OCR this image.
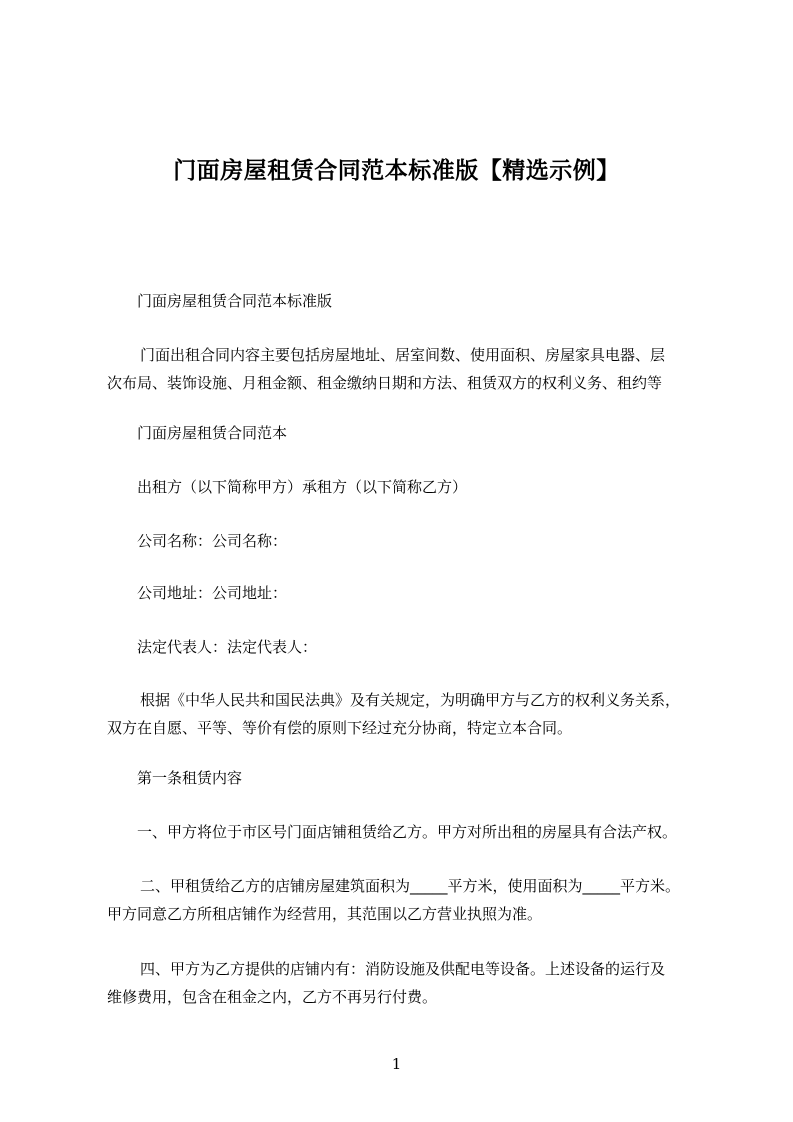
门面房屋租赁合同范本标准版【精选示例】

门面房屋租赁合同范本标准版

门面出租合同内容主要包括房屋地址、居室间数、使用面积、房屋家具电器、层
次布局、装饰设施、月租金额、租金缴纳日期和方法、租赁双方的权利义务、租约等

门面房屋租赁合同范本

出租方（以下简称甲方）承租方（以下简称乙方）

公司名称：公司名称：

公司地址：公司地址：

法定代表人：法定代表人：

根据《中华人民共和国民法典》及有关规定，为明确甲方与乙方的权利义务关系，
双方在自愿、平等、等价有偿的原则下经过充分协商，特定立本合同。

第一条租赁内容

一、甲方将位于市区号门面店铺租赁给乙方。甲方对所出租的房屋具有合法产权。

二、甲租赁给乙方的店铺房屋建筑面积为_____平方米，使用面积为_____平方米。
甲方同意乙方所租店铺作为经营用，其范围以乙方营业执照为准。

四、甲方为乙方提供的店铺内有：消防设施及供配电等设备。上述设备的运行及
维修费用，包含在租金之内，乙方不再另行付费。

1
